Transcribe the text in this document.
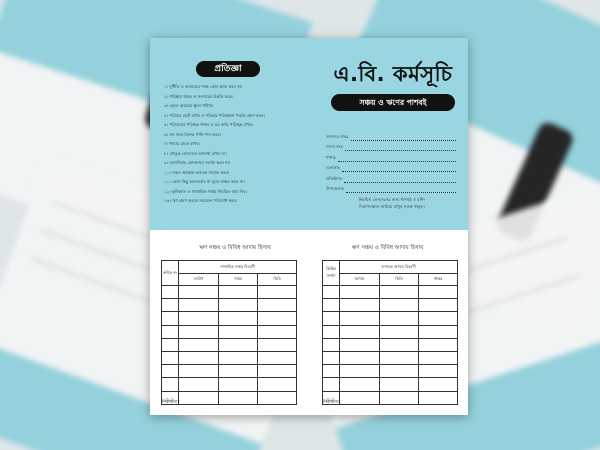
প্রতিজ্ঞা
১। দুর্নীতি ও অন্যায়ের পক্ষে কোন কাজ করব না।
২। পরিষ্কার থাকব ও সংসারের উন্নতি করব।
৩। ছেলে মেয়েকে স্কুলে পাঠাব।
৪। পরিবার ছোট রাখব ও পরিবার পরিকল্পনা পদ্ধতি গ্রহণ করব।
৫। পরিবারের পরিচ্ছন্ন থাকব ও ঘর বাড়ি পরিচ্ছন্ন রাখব।
৬। সব সময় বিশুদ্ধ পানি পান করব।
৭। খাবার ঢেকে রাখব।
৮। যৌতুক লেনদেনে অসমর্থ্য রাখব না।
৯। বাল্যবিবাহ কোনভাবে সমর্থন করব না।
১০। সকল অবস্থায় অন্যকে সাহায্য করব।
১১। কোন কিছু অনেকবার না বুঝে সাক্ষর করব না।
১২। কৃষিকাজ ও সাপ্তাহিক সঞ্চয় নিয়মিত জমা দিব।
১৩। ঋণ গ্রহণ করলে সময়মত পরিশোধ করব।
এ.বি. কর্মসূচি
সঞ্চয় ও ঋণের পাশবই
সদস্যের নামঃ
সদস্য নংঃ
শাখাঃ
এলাকাঃ
প্রতিষ্ঠানঃ
উপজেলাঃ
নিয়মিত লেনদেনের জন্য পাশবই ও রশিদ
নিরাপদস্থানে জমিয়ে রাখুন সতর্ক থাকুন।
ঋণ সঞ্চয় ও বিবিধ আদায় হিসাব
ক্রমিক নং	সাপ্তাহিক সঞ্চয় বিবরণী		
	তারিখ	সঞ্চয়	স্থিতি

নিরীক্ষীতঃ
ঋণ সঞ্চয় ও বিবিধ আদায় হিসাব
কিস্তির সংখ্যা	বাসারক আদায় বিবরণী		
	আদায়	স্থিতি	স্বাক্ষর

নিরীক্ষীতঃ
